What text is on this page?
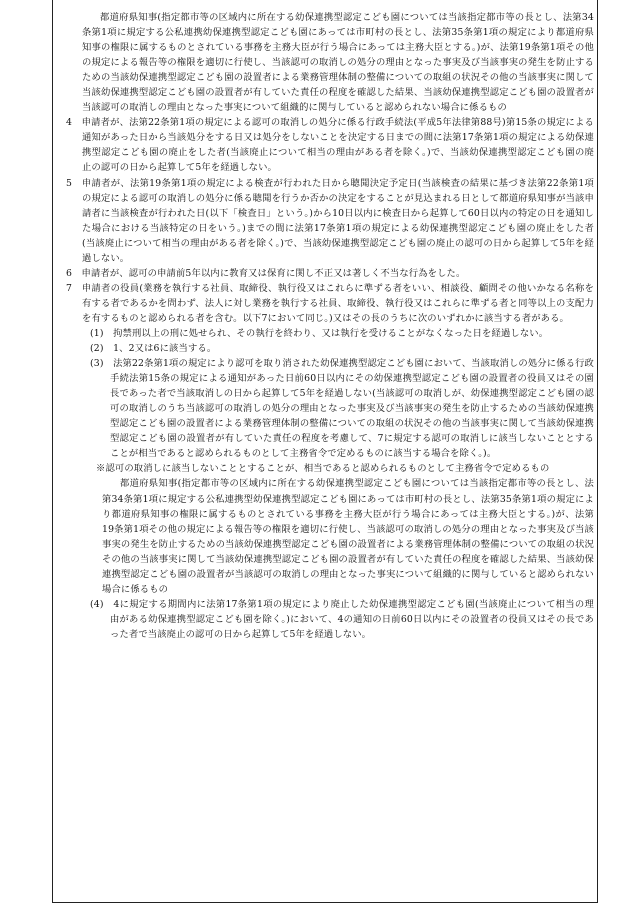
都道府県知事(指定都市等の区域内に所在する幼保連携型認定こども園については当該指定都市等の長とし、法第34条第1項に規定する公私連携幼保連携型認定こども園にあっては市町村の長とし、法第35条第1項の規定により都道府県知事の権限に属するものとされている事務を主務大臣が行う場合にあっては主務大臣とする。)が、法第19条第1項その他の規定による報告等の権限を適切に行使し、当該認可の取消しの処分の理由となった事実及び当該事実の発生を防止するための当該幼保連携型認定こども園の設置者による業務管理体制の整備についての取組の状況その他の当該事実に関して当該幼保連携型認定こども園の設置者が有していた責任の程度を確認した結果、当該幼保連携型認定こども園の設置者が当該認可の取消しの理由となった事実について組織的に関与していると認められない場合に係るもの

4　申請者が、法第22条第1項の規定による認可の取消しの処分に係る行政手続法(平成5年法律第88号)第15条の規定による通知があった日から当該処分をする日又は処分をしないことを決定する日までの間に法第17条第1項の規定による幼保連携型認定こども園の廃止をした者(当該廃止について相当の理由がある者を除く。)で、当該幼保連携型認定こども園の廃止の認可の日から起算して5年を経過しない。

5　申請者が、法第19条第1項の規定による検査が行われた日から聴聞決定予定日(当該検査の結果に基づき法第22条第1項の規定による認可の取消しの処分に係る聴聞を行うか否かの決定をすることが見込まれる日として都道府県知事が当該申請者に当該検査が行われた日(以下「検査日」という。)から10日以内に検査日から起算して60日以内の特定の日を通知した場合における当該特定の日をいう。)までの間に法第17条第1項の規定による幼保連携型認定こども園の廃止をした者(当該廃止について相当の理由がある者を除く。)で、当該幼保連携型認定こども園の廃止の認可の日から起算して5年を経過しない。

6　申請者が、認可の申請前5年以内に教育又は保育に関し不正又は著しく不当な行為をした。

7　申請者の役員(業務を執行する社員、取締役、執行役又はこれらに準ずる者をいい、相談役、顧問その他いかなる名称を有する者であるかを問わず、法人に対し業務を執行する社員、取締役、執行役又はこれらに準ずる者と同等以上の支配力を有するものと認められる者を含む。以下7において同じ。)又はその長のうちに次のいずれかに該当する者がある。

(1)　拘禁刑以上の刑に処せられ、その執行を終わり、又は執行を受けることがなくなった日を経過しない。

(2)　1、2又は6に該当する。

(3)　法第22条第1項の規定により認可を取り消された幼保連携型認定こども園において、当該取消しの処分に係る行政手続法第15条の規定による通知があった日前60日以内にその幼保連携型認定こども園の設置者の役員又はその園長であった者で当該取消しの日から起算して5年を経過しない(当該認可の取消しが、幼保連携型認定こども園の認可の取消しのうち当該認可の取消しの処分の理由となった事実及び当該事実の発生を防止するための当該幼保連携型認定こども園の設置者による業務管理体制の整備についての取組の状況その他の当該事実に関して当該幼保連携型認定こども園の設置者が有していた責任の程度を考慮して、7に規定する認可の取消しに該当しないこととすることが相当であると認められるものとして主務省令で定めるものに該当する場合を除く。)。

※認可の取消しに該当しないこととすることが、相当であると認められるものとして主務省令で定めるもの

都道府県知事(指定都市等の区域内に所在する幼保連携型認定こども園については当該指定都市等の長とし、法第34条第1項に規定する公私連携型幼保連携型認定こども園にあっては市町村の長とし、法第35条第1項の規定により都道府県知事の権限に属するものとされている事務を主務大臣が行う場合にあっては主務大臣とする。)が、法第19条第1項その他の規定による報告等の権限を適切に行使し、当該認可の取消しの処分の理由となった事実及び当該事実の発生を防止するための当該幼保連携型認定こども園の設置者による業務管理体制の整備についての取組の状況その他の当該事実に関して当該幼保連携型認定こども園の設置者が有していた責任の程度を確認した結果、当該幼保連携型認定こども園の設置者が当該認可の取消しの理由となった事実について組織的に関与していると認められない場合に係るもの

(4)　4に規定する期間内に法第17条第1項の規定により廃止した幼保連携型認定こども園(当該廃止について相当の理由がある幼保連携型認定こども園を除く。)において、4の通知の日前60日以内にその設置者の役員又はその長であった者で当該廃止の認可の日から起算して5年を経過しない。
